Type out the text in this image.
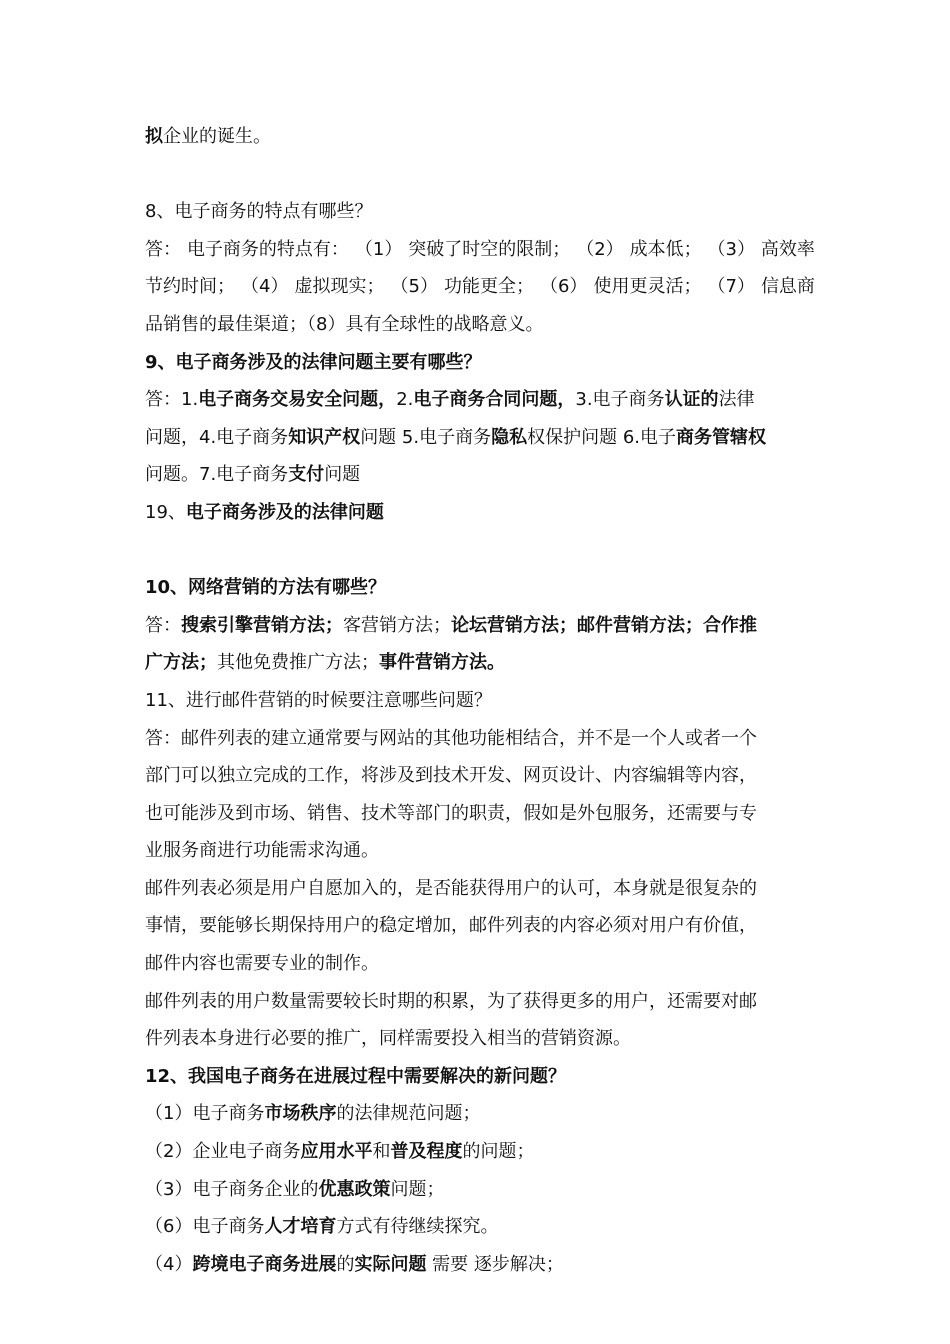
拟企业的诞生。
8、电子商务的特点有哪些？
答： 电子商务的特点有： （1） 突破了时空的限制； （2） 成本低； （3） 高效率
节约时间； （4） 虚拟现实； （5） 功能更全； （6） 使用更灵活； （7） 信息商
品销售的最佳渠道；（8）具有全球性的战略意义。
9、电子商务涉及的法律问题主要有哪些？
答：1.电子商务交易安全问题，2.电子商务合同问题，3.电子商务认证的法律
问题，4.电子商务知识产权问题 5.电子商务隐私权保护问题 6.电子商务管辖权
问题。7.电子商务支付问题
19、电子商务涉及的法律问题
10、网络营销的方法有哪些？
答：搜索引擎营销方法；客营销方法；论坛营销方法；邮件营销方法；合作推
广方法；其他免费推广方法；事件营销方法。
11、进行邮件营销的时候要注意哪些问题？
答：邮件列表的建立通常要与网站的其他功能相结合，并不是一个人或者一个
部门可以独立完成的工作，将涉及到技术开发、网页设计、内容编辑等内容，
也可能涉及到市场、销售、技术等部门的职责，假如是外包服务，还需要与专
业服务商进行功能需求沟通。
邮件列表必须是用户自愿加入的，是否能获得用户的认可，本身就是很复杂的
事情，要能够长期保持用户的稳定增加，邮件列表的内容必须对用户有价值，
邮件内容也需要专业的制作。
邮件列表的用户数量需要较长时期的积累，为了获得更多的用户，还需要对邮
件列表本身进行必要的推广，同样需要投入相当的营销资源。
12、我国电子商务在进展过程中需要解决的新问题？
（1）电子商务市场秩序的法律规范问题；
（2）企业电子商务应用水平和普及程度的问题；
（3）电子商务企业的优惠政策问题；
（6）电子商务人才培育方式有待继续探究。
（4）跨境电子商务进展的实际问题 需要 逐步解决；
